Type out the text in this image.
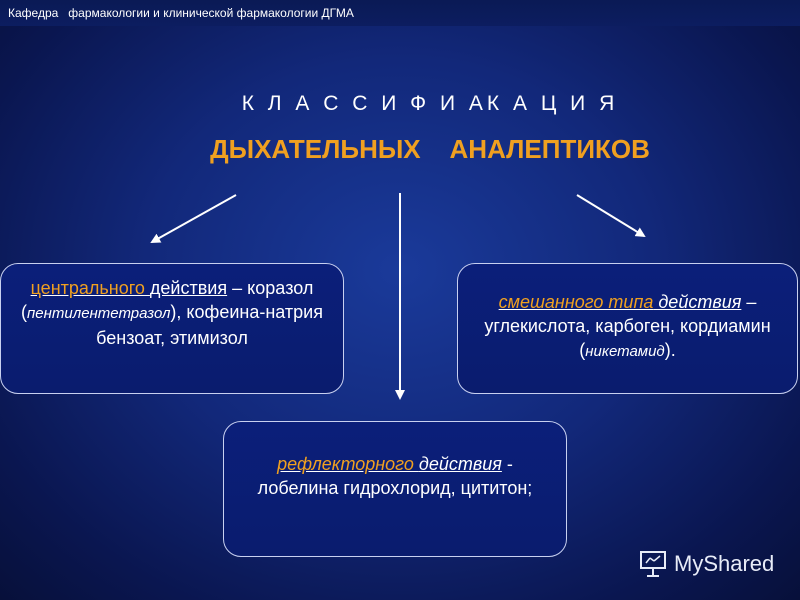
Кафедра   фармакологии и клинической фармакологии ДГМА
К Л А С С И Ф И АК А Ц И Я
ДЫХАТЕЛЬНЫХ    АНАЛЕПТИКОВ
центрального действия – корaзол (пентилентетразол), кофеина-натрия бензоат, этимизол
смешанного типа действия – углекислота, карбоген, кордиамин (никетамид).
рефлекторного действия - лобелина гидрохлорид, цититон;
MyShared
